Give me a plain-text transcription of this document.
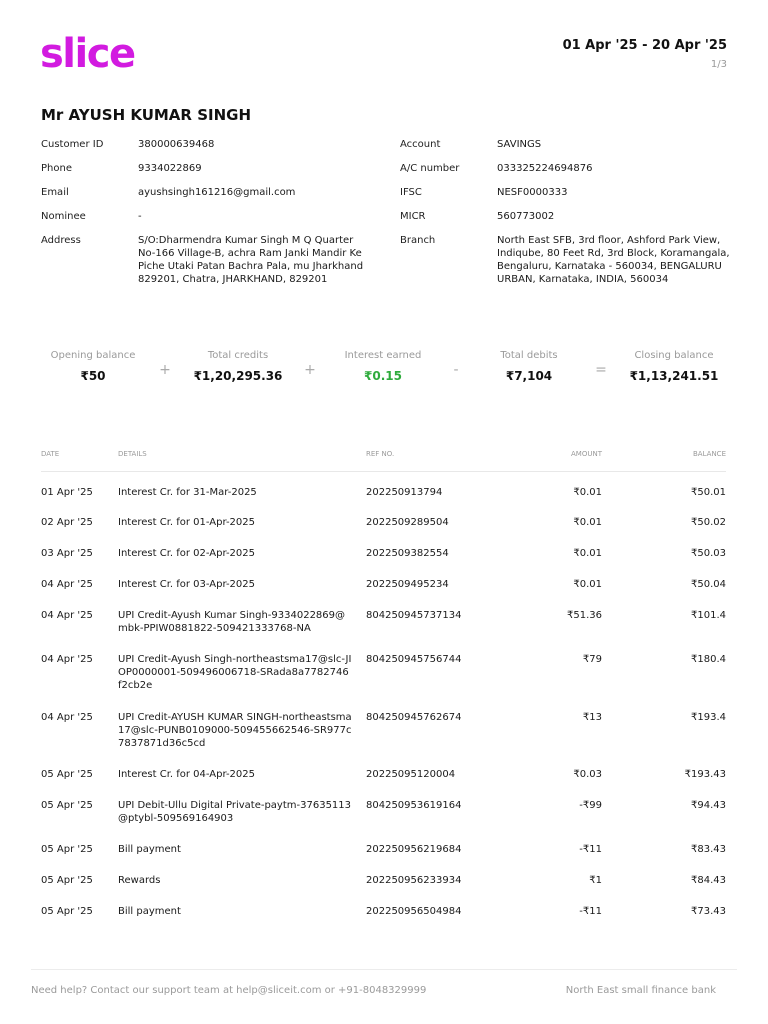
slice	01 Apr '25 - 20 Apr '25
1/3
Mr AYUSH KUMAR SINGH
Customer ID	380000639468
Phone	9334022869
Email	ayushsingh161216@gmail.com
Nominee	-
Address	S/O:Dharmendra Kumar Singh M Q Quarter No-166 Village-B, achra Ram Janki Mandir Ke Piche Utaki Patan Bachra Pala, mu Jharkhand 829201, Chatra, JHARKHAND, 829201
Account	SAVINGS
A/C number	033325224694876
IFSC	NESF0000333
MICR	560773002
Branch	North East SFB, 3rd floor, Ashford Park View, Indiqube, 80 Feet Rd, 3rd Block, Koramangala, Bengaluru, Karnataka - 560034, BENGALURU URBAN, Karnataka, INDIA, 560034
Opening balance
₹50	+
Total credits
₹1,20,295.36	+
Interest earned
₹0.15	-
Total debits
₹7,104	=
Closing balance
₹1,13,241.51
DATE	DETAILS	REF NO.	AMOUNT	BALANCE

01 Apr '25	Interest Cr. for 31-Mar-2025	202250913794	₹0.01	₹50.01

02 Apr '25	Interest Cr. for 01-Apr-2025	2022509289504	₹0.01	₹50.02

03 Apr '25	Interest Cr. for 02-Apr-2025	2022509382554	₹0.01	₹50.03

04 Apr '25	Interest Cr. for 03-Apr-2025	2022509495234	₹0.01	₹50.04

04 Apr '25	UPI Credit-Ayush Kumar Singh-9334022869@mbk-PPIW0881822-509421333768-NA	804250945737134	₹51.36	₹101.4

04 Apr '25	UPI Credit-Ayush Singh-northeastsma17@slc-JIOP0000001-509496006718-SRada8a7782746f2cb2e	804250945756744	₹79	₹180.4

04 Apr '25	UPI Credit-AYUSH KUMAR SINGH-northeastsma17@slc-PUNB0109000-509455662546-SR977c7837871d36c5cd	804250945762674	₹13	₹193.4

05 Apr '25	Interest Cr. for 04-Apr-2025	20225095120004	₹0.03	₹193.43

05 Apr '25	UPI Debit-Ullu Digital Private-paytm-37635113@ptybl-509569164903	804250953619164	-₹99	₹94.43

05 Apr '25	Bill payment	202250956219684	-₹11	₹83.43

05 Apr '25	Rewards	202250956233934	₹1	₹84.43

05 Apr '25	Bill payment	202250956504984	-₹11	₹73.43
Need help? Contact our support team at help@sliceit.com or +91-8048329999	North East small finance bank
